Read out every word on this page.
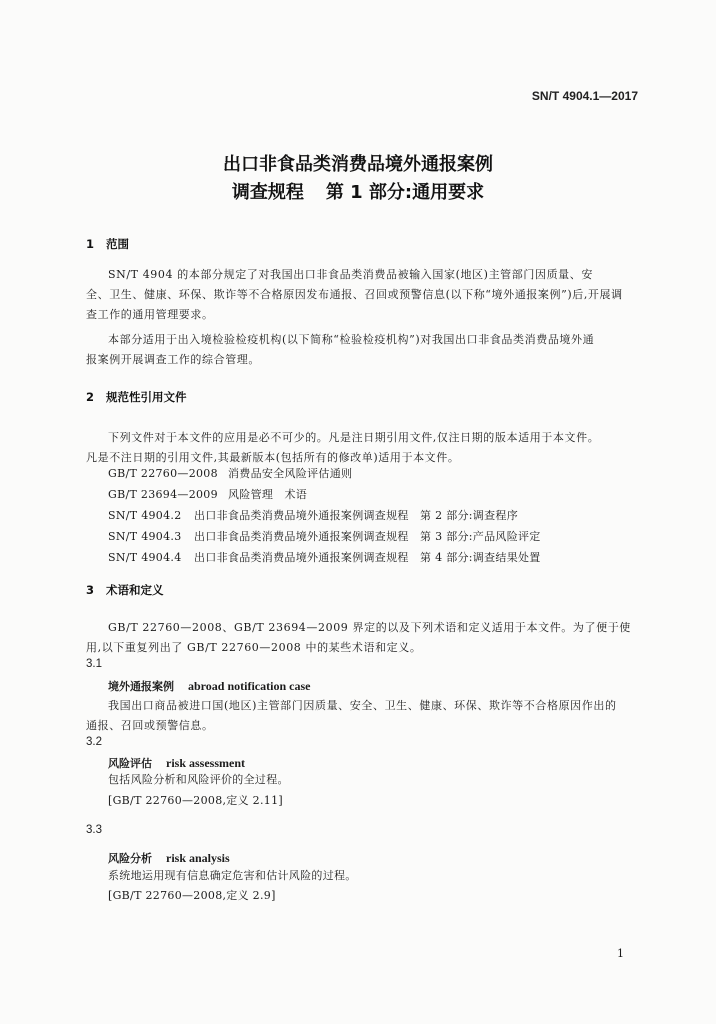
SN/T 4904.1—2017
出口非食品类消费品境外通报案例
调查规程 第 1 部分:通用要求
1 范围
SN/T 4904 的本部分规定了对我国出口非食品类消费品被输入国家(地区)主管部门因质量、安
全、卫生、健康、环保、欺诈等不合格原因发布通报、召回或预警信息(以下称“境外通报案例”)后,开展调
查工作的通用管理要求。
本部分适用于出入境检验检疫机构(以下简称“检验检疫机构”)对我国出口非食品类消费品境外通
报案例开展调查工作的综合管理。
2 规范性引用文件
下列文件对于本文件的应用是必不可少的。凡是注日期引用文件,仅注日期的版本适用于本文件。
凡是不注日期的引用文件,其最新版本(包括所有的修改单)适用于本文件。
GB/T 22760—2008 消费品安全风险评估通则
GB/T 23694—2009 风险管理　术语
SN/T 4904.2 出口非食品类消费品境外通报案例调查规程　第 2 部分:调查程序
SN/T 4904.3 出口非食品类消费品境外通报案例调查规程　第 3 部分:产品风险评定
SN/T 4904.4 出口非食品类消费品境外通报案例调查规程　第 4 部分:调查结果处置
3 术语和定义
GB/T 22760—2008、GB/T 23694—2009 界定的以及下列术语和定义适用于本文件。为了便于使
用,以下重复列出了 GB/T 22760—2008 中的某些术语和定义。
3.1
境外通报案例 abroad notification case
我国出口商品被进口国(地区)主管部门因质量、安全、卫生、健康、环保、欺诈等不合格原因作出的
通报、召回或预警信息。
3.2
风险评估 risk assessment
包括风险分析和风险评价的全过程。
[GB/T 22760—2008,定义 2.11]
3.3
风险分析 risk analysis
系统地运用现有信息确定危害和估计风险的过程。
[GB/T 22760—2008,定义 2.9]
1
